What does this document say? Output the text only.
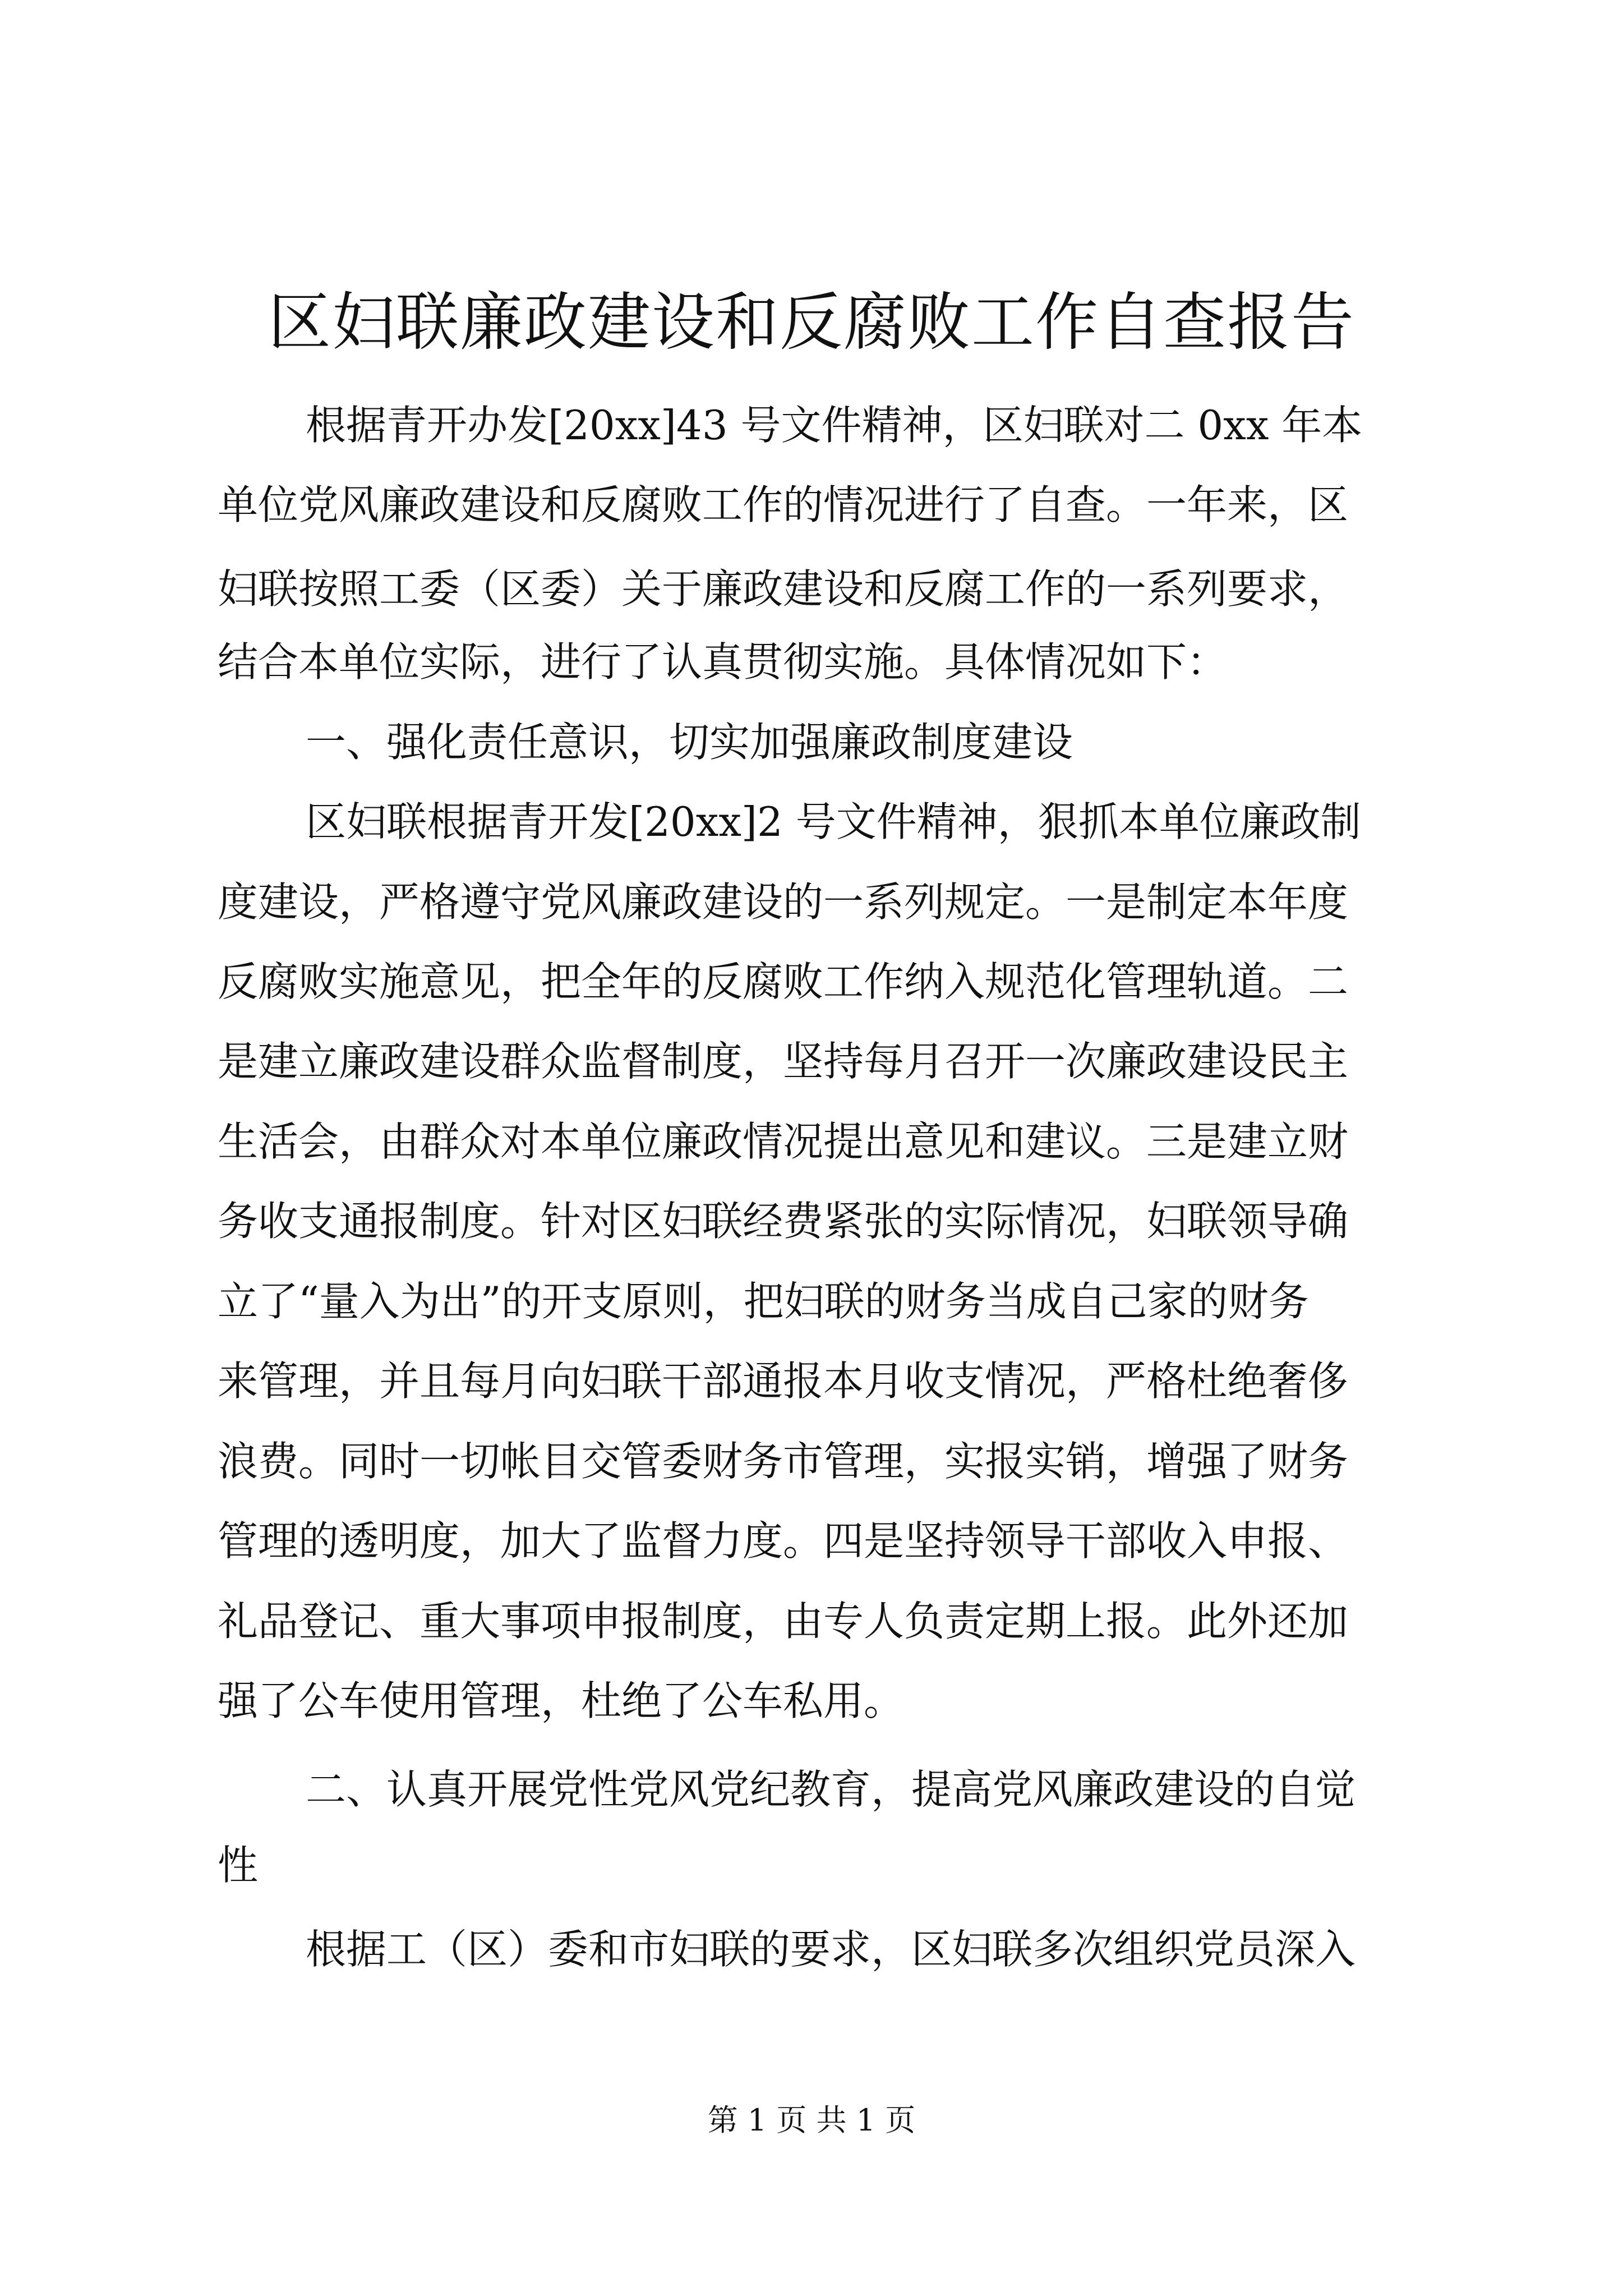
区妇联廉政建设和反腐败工作自查报告
根据青开办发[20xx]43 号文件精神，区妇联对二 0xx 年本
单位党风廉政建设和反腐败工作的情况进行了自查。一年来，区
妇联按照工委（区委）关于廉政建设和反腐工作的一系列要求，
结合本单位实际，进行了认真贯彻实施。具体情况如下：
一、强化责任意识，切实加强廉政制度建设
区妇联根据青开发[20xx]2 号文件精神，狠抓本单位廉政制
度建设，严格遵守党风廉政建设的一系列规定。一是制定本年度
反腐败实施意见，把全年的反腐败工作纳入规范化管理轨道。二
是建立廉政建设群众监督制度，坚持每月召开一次廉政建设民主
生活会，由群众对本单位廉政情况提出意见和建议。三是建立财
务收支通报制度。针对区妇联经费紧张的实际情况，妇联领导确
立了“量入为出”的开支原则，把妇联的财务当成自己家的财务
来管理，并且每月向妇联干部通报本月收支情况，严格杜绝奢侈
浪费。同时一切帐目交管委财务市管理，实报实销，增强了财务
管理的透明度，加大了监督力度。四是坚持领导干部收入申报、
礼品登记、重大事项申报制度，由专人负责定期上报。此外还加
强了公车使用管理，杜绝了公车私用。
二、认真开展党性党风党纪教育，提高党风廉政建设的自觉
性
根据工（区）委和市妇联的要求，区妇联多次组织党员深入
第 1 页 共 1 页
